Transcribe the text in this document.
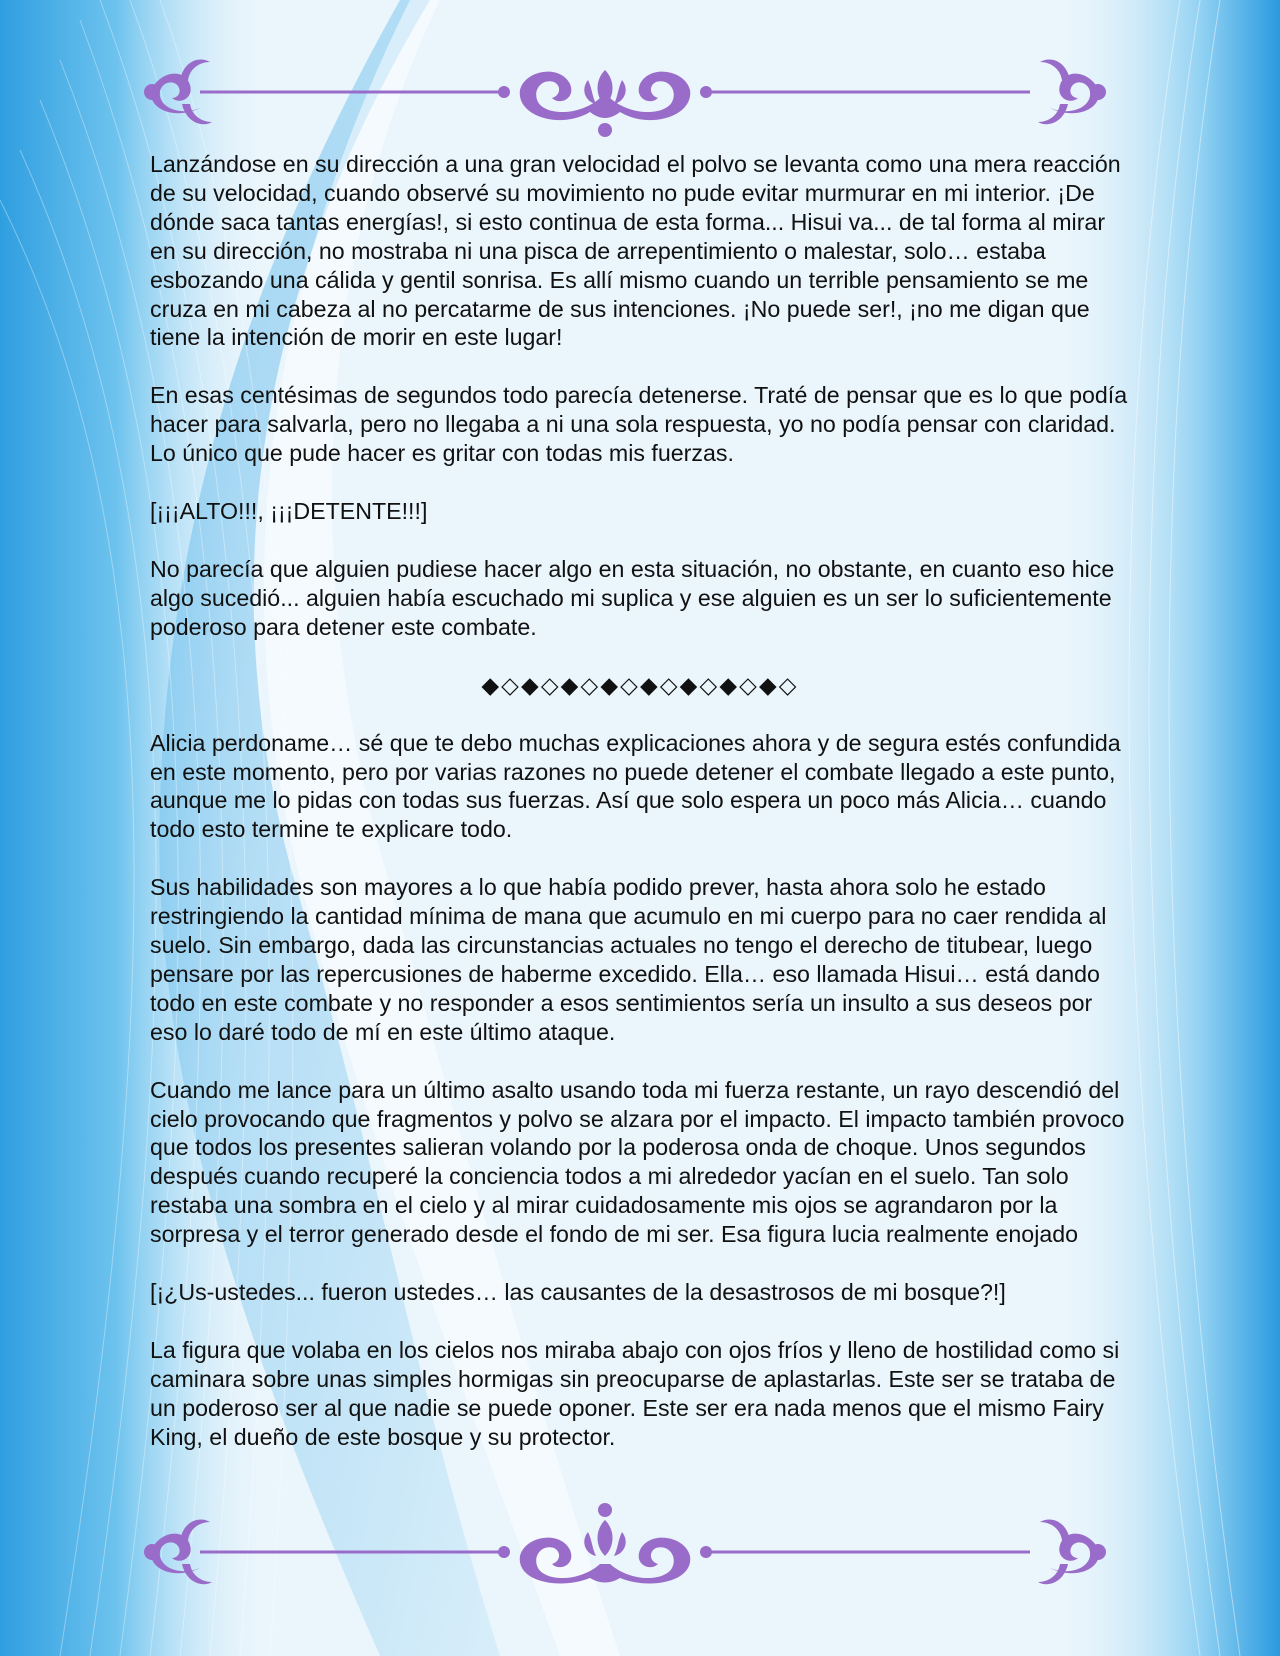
Lanzándose en su dirección a una gran velocidad el polvo se levanta como una mera reacción de su velocidad, cuando observé su movimiento no pude evitar murmurar en mi interior. ¡De dónde saca tantas energías!, si esto continua de esta forma... Hisui va... de tal forma al mirar en su dirección, no mostraba ni una pisca de arrepentimiento o malestar, solo… estaba esbozando una cálida y gentil sonrisa. Es allí mismo cuando un terrible pensamiento se me cruza en mi cabeza al no percatarme de sus intenciones. ¡No puede ser!, ¡no me digan que tiene la intención de morir en este lugar!

En esas centésimas de segundos todo parecía detenerse. Traté de pensar que es lo que podía hacer para salvarla, pero no llegaba a ni una sola respuesta, yo no podía pensar con claridad. Lo único que pude hacer es gritar con todas mis fuerzas.

[¡¡¡ALTO!!!, ¡¡¡DETENTE!!!]

No parecía que alguien pudiese hacer algo en esta situación, no obstante, en cuanto eso hice algo sucedió... alguien había escuchado mi suplica y ese alguien es un ser lo suficientemente poderoso para detener este combate.

◆◇◆◇◆◇◆◇◆◇◆◇◆◇◆◇

Alicia perdoname… sé que te debo muchas explicaciones ahora y de segura estés confundida en este momento, pero por varias razones no puede detener el combate llegado a este punto, aunque me lo pidas con todas sus fuerzas. Así que solo espera un poco más Alicia… cuando todo esto termine te explicare todo.

Sus habilidades son mayores a lo que había podido prever, hasta ahora solo he estado restringiendo la cantidad mínima de mana que acumulo en mi cuerpo para no caer rendida al suelo. Sin embargo, dada las circunstancias actuales no tengo el derecho de titubear, luego pensare por las repercusiones de haberme excedido. Ella… eso llamada Hisui… está dando todo en este combate y no responder a esos sentimientos sería un insulto a sus deseos por eso lo daré todo de mí en este último ataque.

Cuando me lance para un último asalto usando toda mi fuerza restante, un rayo descendió del cielo provocando que fragmentos y polvo se alzara por el impacto. El impacto también provoco que todos los presentes salieran volando por la poderosa onda de choque. Unos segundos después cuando recuperé la conciencia todos a mi alrededor yacían en el suelo. Tan solo restaba una sombra en el cielo y al mirar cuidadosamente mis ojos se agrandaron por la sorpresa y el terror generado desde el fondo de mi ser. Esa figura lucia realmente enojado

[¡¿Us-ustedes... fueron ustedes… las causantes de la desastrosos de mi bosque?!]

La figura que volaba en los cielos nos miraba abajo con ojos fríos y lleno de hostilidad como si caminara sobre unas simples hormigas sin preocuparse de aplastarlas. Este ser se trataba de un poderoso ser al que nadie se puede oponer. Este ser era nada menos que el mismo Fairy King, el dueño de este bosque y su protector.
